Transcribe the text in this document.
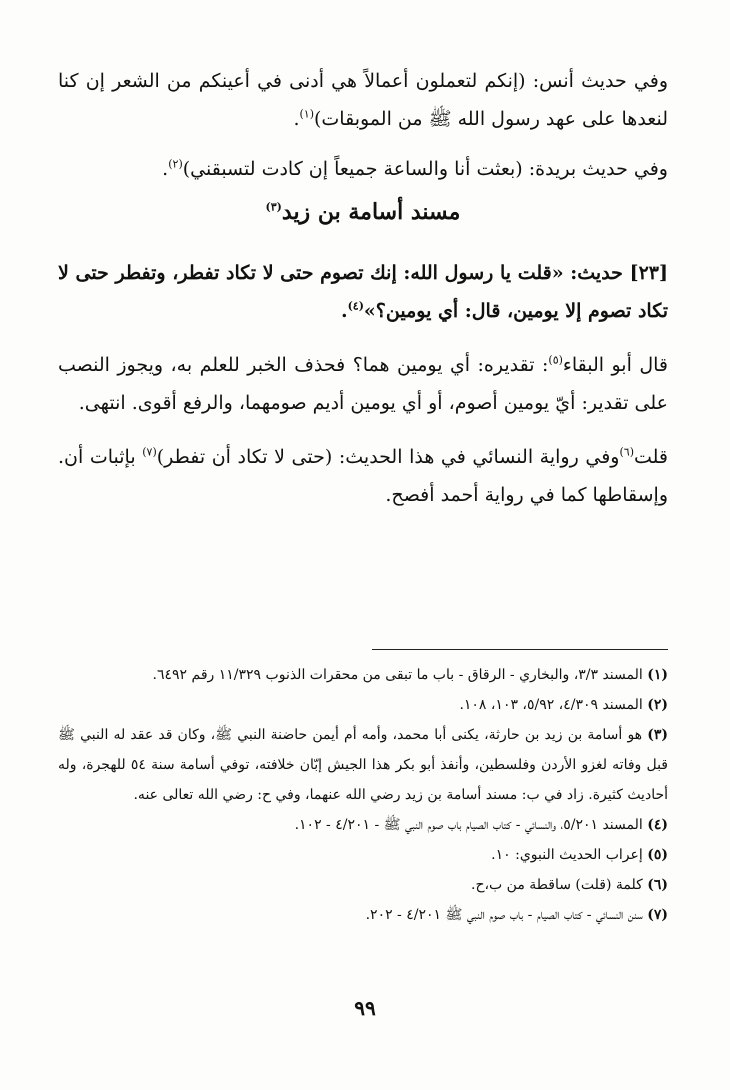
وفي حديث أنس: (إنكم لتعملون أعمالاً هي أدنى في أعينكم من الشعر إن كنا لنعدها على عهد رسول الله ﷺ من الموبقات)$^{(١)}$.

وفي حديث بريدة: (بعثت أنا والساعة جميعاً إن كادت لتسبقني)$^{(٢)}$.

مسند أسامة بن زيد$^{(٣)}$

[٢٣] حديث: «قلت يا رسول الله: إنك تصوم حتى لا تكاد تفطر، وتفطر حتى لا تكاد تصوم إلا يومين، قال: أي يومين؟»$^{(٤)}$.

قال أبو البقاء$^{(٥)}$: تقديره: أي يومين هما؟ فحذف الخبر للعلم به، ويجوز النصب على تقدير: أيّ يومين أصوم، أو أي يومين أديم صومهما، والرفع أقوى. انتهى.

قلت$^{(٦)}$وفي رواية النسائي في هذا الحديث: (حتى لا تكاد أن تفطر)$^{(٧)}$ بإثبات أن. وإسقاطها كما في رواية أحمد أفصح.

(١) المسند ٣/٣، والبخاري - الرقاق - باب ما تبقى من محقرات الذنوب ١١/٣٢٩ رقم ٦٤٩٢.

(٢) المسند ٤/٣٠٩، ٥/٩٢، ١٠٣، ١٠٨.

(٣) هو أسامة بن زيد بن حارثة، يكنى أبا محمد، وأمه أم أيمن حاضنة النبي ﷺ، وكان قد عقد له النبي ﷺ قبل وفاته لغزو الأردن وفلسطين، وأنفذ أبو بكر هذا الجيش إبّان خلافته، توفي أسامة سنة ٥٤ للهجرة، وله أحاديث كثيرة. زاد في ب: مسند أسامة بن زيد رضي الله عنهما، وفي ح: رضي الله تعالى عنه.

(٤) المسند ٥/٢٠١، والنسائي - كتاب الصيام باب صوم النبي ﷺ - ٤/٢٠١ - ١٠٢.

(٥) إعراب الحديث النبوي: ١٠.

(٦) كلمة (قلت) ساقطة من ب،ح.

(٧) سنن النسائي - كتاب الصيام - باب صوم النبي ﷺ ٤/٢٠١ - ٢٠٢.

٩٩
